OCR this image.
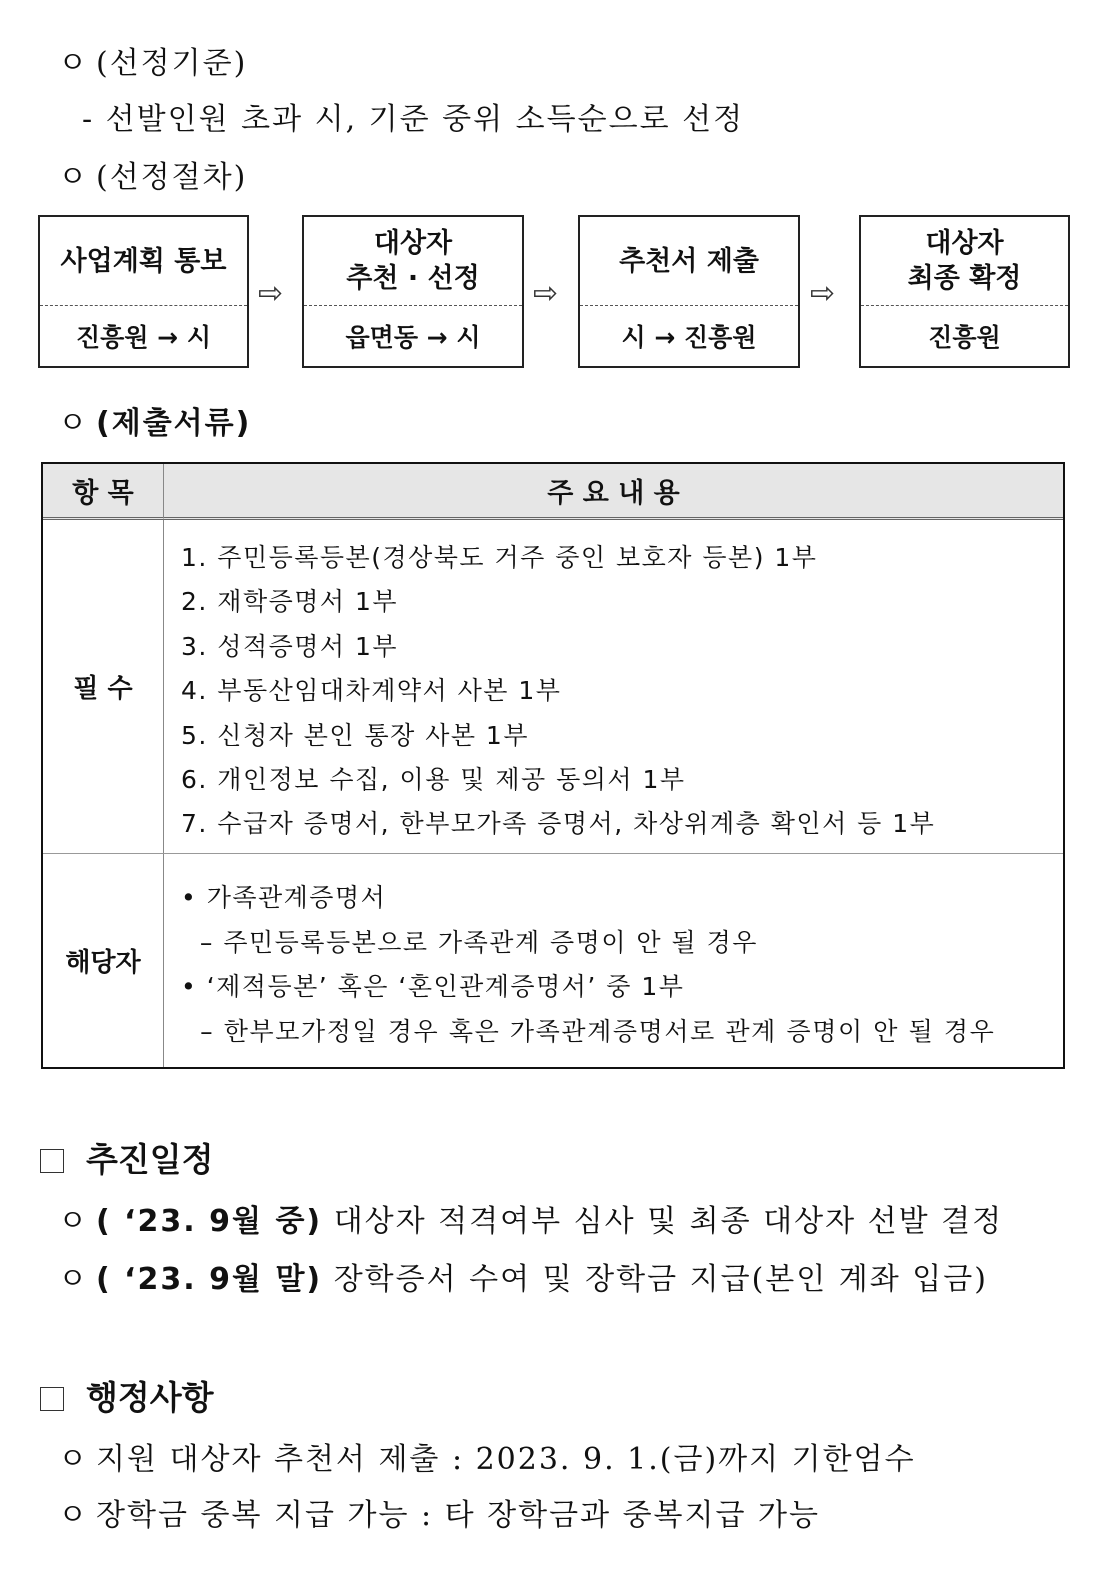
ㅇ (선정기준)
- 선발인원 초과 시, 기준 중위 소득순으로 선정
ㅇ (선정절차)
사업계획 통보
진흥원 → 시
⇨
대상자
추천 · 선정
읍면동 → 시
⇨
추천서 제출
시 → 진흥원
⇨
대상자
최종 확정
진흥원
ㅇ (제출서류)
항 목	주 요 내 용
필 수
1. 주민등록등본(경상북도 거주 중인 보호자 등본) 1부
2. 재학증명서 1부
3. 성적증명서 1부
4. 부동산임대차계약서 사본 1부
5. 신청자 본인 통장 사본 1부
6. 개인정보 수집, 이용 및 제공 동의서 1부
7. 수급자 증명서, 한부모가족 증명서, 차상위계층 확인서 등 1부
해당자
• 가족관계증명서
– 주민등록등본으로 가족관계 증명이 안 될 경우
• ‘제적등본’ 혹은 ‘혼인관계증명서’ 중 1부
– 한부모가정일 경우 혹은 가족관계증명서로 관계 증명이 안 될 경우
추진일정
ㅇ ( ‘23. 9월 중) 대상자 적격여부 심사 및 최종 대상자 선발 결정
ㅇ ( ‘23. 9월 말) 장학증서 수여 및 장학금 지급(본인 계좌 입금)
행정사항
ㅇ 지원 대상자 추천서 제출 : 2023. 9. 1.(금)까지 기한엄수
ㅇ 장학금 중복 지급 가능 : 타 장학금과 중복지급 가능
